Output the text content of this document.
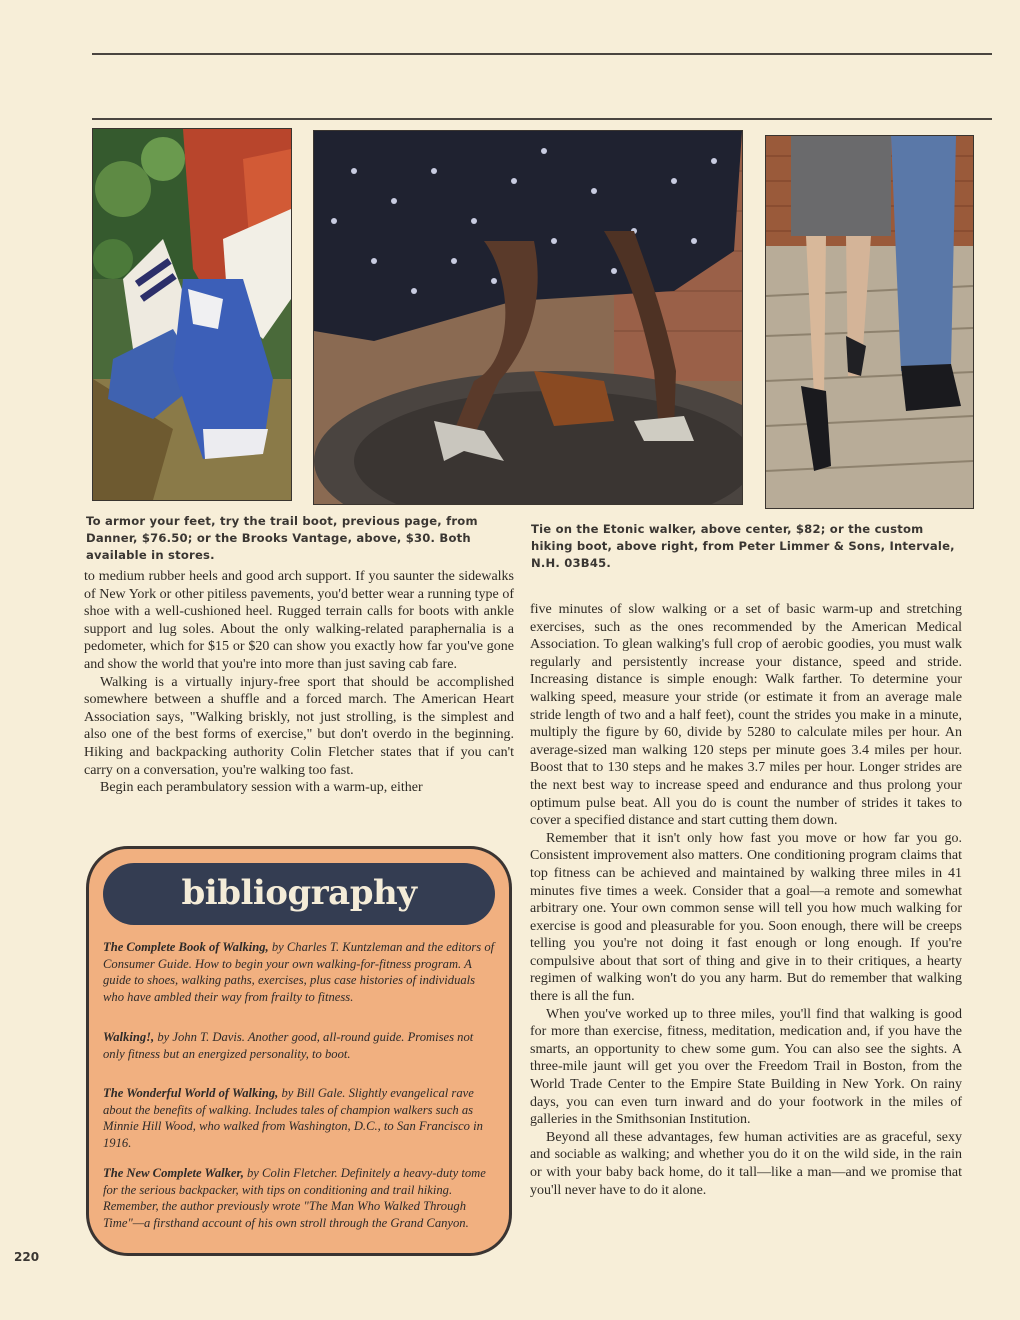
To armor your feet, try the trail boot, previous page, from Danner, $76.50; or the Brooks Vantage, above, $30. Both available in stores.
Tie on the Etonic walker, above center, $82; or the custom hiking boot, above right, from Peter Limmer & Sons, Intervale, N.H. 03B45.

to medium rubber heels and good arch support. If you saunter the sidewalks of New York or other pitiless pavements, you'd better wear a running type of shoe with a well-cushioned heel. Rugged terrain calls for boots with ankle support and lug soles. About the only walking-related paraphernalia is a pedometer, which for $15 or $20 can show you exactly how far you've gone and show the world that you're into more than just saving cab fare.

Walking is a virtually injury-free sport that should be accomplished somewhere between a shuffle and a forced march. The American Heart Association says, "Walking briskly, not just strolling, is the simplest and also one of the best forms of exercise," but don't overdo in the beginning. Hiking and backpacking authority Colin Fletcher states that if you can't carry on a conversation, you're walking too fast.

Begin each perambulatory session with a warm-up, either

five minutes of slow walking or a set of basic warm-up and stretching exercises, such as the ones recommended by the American Medical Association. To glean walking's full crop of aerobic goodies, you must walk regularly and persistently increase your distance, speed and stride. Increasing distance is simple enough: Walk farther. To determine your walking speed, measure your stride (or estimate it from an average male stride length of two and a half feet), count the strides you make in a minute, multiply the figure by 60, divide by 5280 to calculate miles per hour. An average-sized man walking 120 steps per minute goes 3.4 miles per hour. Boost that to 130 steps and he makes 3.7 miles per hour. Longer strides are the next best way to increase speed and endurance and thus prolong your optimum pulse beat. All you do is count the number of strides it takes to cover a specified distance and start cutting them down.

Remember that it isn't only how fast you move or how far you go. Consistent improvement also matters. One conditioning program claims that top fitness can be achieved and maintained by walking three miles in 41 minutes five times a week. Consider that a goal—a remote and somewhat arbitrary one. Your own common sense will tell you how much walking for exercise is good and pleasurable for you. Soon enough, there will be creeps telling you you're not doing it fast enough or long enough. If you're compulsive about that sort of thing and give in to their critiques, a hearty regimen of walking won't do you any harm. But do remember that walking there is all the fun.

When you've worked up to three miles, you'll find that walking is good for more than exercise, fitness, meditation, medication and, if you have the smarts, an opportunity to chew some gum. You can also see the sights. A three-mile jaunt will get you over the Freedom Trail in Boston, from the World Trade Center to the Empire State Building in New York. On rainy days, you can even turn inward and do your footwork in the miles of galleries in the Smithsonian Institution.

Beyond all these advantages, few human activities are as graceful, sexy and sociable as walking; and whether you do it on the wild side, in the rain or with your baby back home, do it tall—like a man—and we promise that you'll never have to do it alone.

bibliography
The Complete Book of Walking, by Charles T. Kuntzleman and the editors of Consumer Guide. How to begin your own walking-for-fitness program. A guide to shoes, walking paths, exercises, plus case histories of individuals who have ambled their way from frailty to fitness.
Walking!, by John T. Davis. Another good, all-round guide. Promises not only fitness but an energized personality, to boot.
The Wonderful World of Walking, by Bill Gale. Slightly evangelical rave about the benefits of walking. Includes tales of champion walkers such as Minnie Hill Wood, who walked from Washington, D.C., to San Francisco in 1916.
The New Complete Walker, by Colin Fletcher. Definitely a heavy-duty tome for the serious backpacker, with tips on conditioning and trail hiking. Remember, the author previously wrote "The Man Who Walked Through Time"—a firsthand account of his own stroll through the Grand Canyon.
220
